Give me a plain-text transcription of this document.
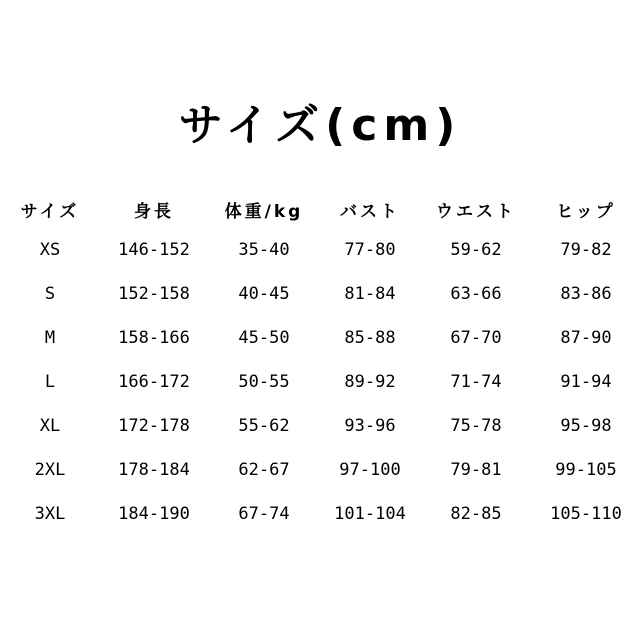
サイズ(cm)
サイズ	身長	体重/kg	バスト	ウエスト	ヒップ
XS	146-152	35-40	77-80	59-62	79-82
S	152-158	40-45	81-84	63-66	83-86
M	158-166	45-50	85-88	67-70	87-90
L	166-172	50-55	89-92	71-74	91-94
XL	172-178	55-62	93-96	75-78	95-98
2XL	178-184	62-67	97-100	79-81	99-105
3XL	184-190	67-74	101-104	82-85	105-110
